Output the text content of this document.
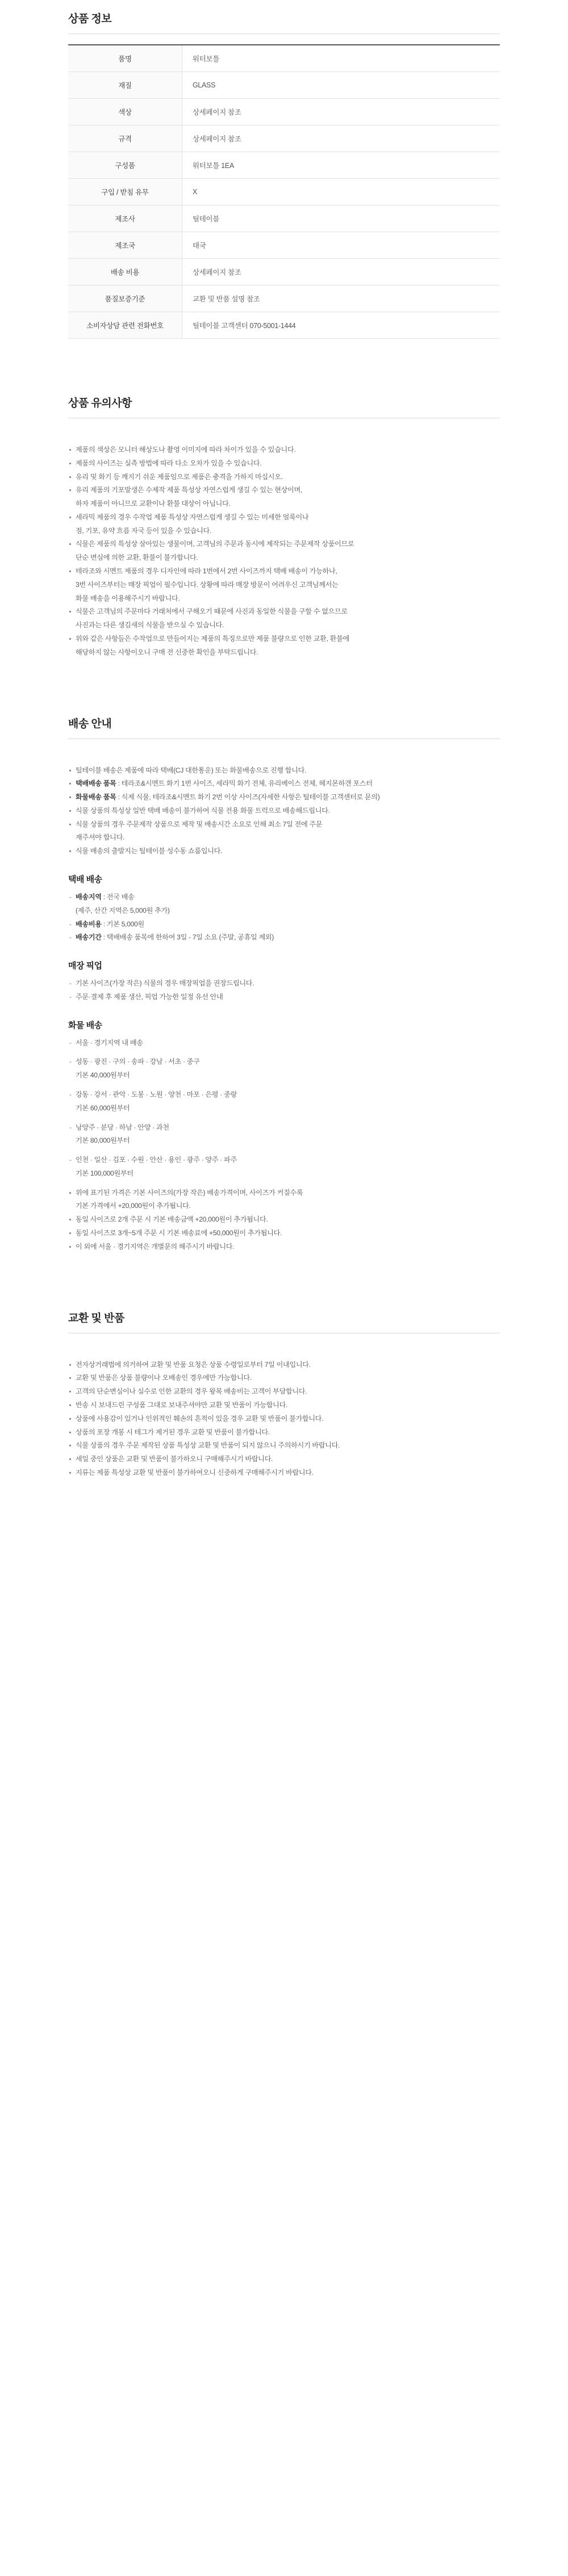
상품 정보
품명	워터보틀
재질	GLASS
색상	상세페이지 참조
규격	상세페이지 참조
구성품	워터보틀 1EA
구입 / 받침 유무	X
제조사	틸테이블
제조국	태국
배송 비용	상세페이지 참조
품질보증기준	교환 및 반품 설명 참조
소비자상담 관련 전화번호	틸테이블 고객센터 070-5001-1444
상품 유의사항
제품의 색상은 모니터 해상도나 촬영 이미지에 따라 차이가 있을 수 있습니다.
제품의 사이즈는 실측 방법에 따라 다소 오차가 있을 수 있습니다.
유리 및 화기 등 깨지기 쉬운 제품임으로 제품은 충격을 가하지 마십시오.
유리 제품의 기포발생은 수제작 제품 특성상 자연스럽게 생길 수 있는 현상이며,
하자 제품이 아니므로 교환이나 환불 대상이 아닙니다.
세라믹 제품의 경우 수작업 제품 특성상 자연스럽게 생길 수 있는 미세한 얼룩이나
점, 기포, 유약 흐름 자국 등이 있을 수 있습니다.
식물은 제품의 특성상 살아있는 생물이며, 고객님의 주문과 동시에 제작되는 주문제작 상품이므로
단순 변심에 의한 교환, 환불이 불가합니다.
테라조와 시멘트 제품의 경우 디자인에 따라 1번에서 2번 사이즈까지 택배 배송이 가능하나,
3번 사이즈부터는 매장 픽업이 필수입니다. 상황에 따라 매장 방문이 어려우신 고객님께서는
화물 배송을 이용해주시기 바랍니다.
식물은 고객님의 주문마다 거래처에서 구해오기 때문에 사진과 동일한 식물을 구할 수 없으므로
사진과는 다른 생김새의 식물을 받으실 수 있습니다.
위와 같은 사항들은 수작업으로 만들어지는 제품의 특징으로만 제품 불량으로 인한 교환, 환불에
해당하지 않는 사항이오니 구매 전 신중한 확인을 부탁드립니다.
배송 안내
틸테이블 배송은 제품에 따라 택배(CJ 대한통운) 또는 화물배송으로 진행 합니다.
택배배송 품목 : 테라조&시멘트 화기 1번 사이즈, 세라믹 화기 전체, 유리베이스 전체, 헤지몬하갠 포스터
화물배송 품목 : 식제 식물, 테라조&시멘트 화기 2번 이상 사이즈(자세한 사항은 틸테이블 고객센터로 문의)
식물 상품의 특성상 일반 택배 배송이 불가하여 식물 전용 화물 트럭으로 배송해드립니다.
식물 상품의 경우 주문제작 상품으로 제작 및 배송시간 소요로 인해 최소 7일 전에 주문
재주셔야 합니다.
식물 배송의 출발지는 틸테이블 성수동 쇼룸입니다.
택배 배송
- 배송지역 : 전국 배송
(제주, 산간 지역은 5,000원 추가)
- 배송비용 : 기본 5,000원
- 배송기간 : 택배배송 품목에 한하여 3일 - 7일 소요 (주말, 공휴일 제외)
매장 픽업
- 기본 사이즈(가장 작은) 식물의 경우 매장픽업을 권장드립니다.
- 주문·결제 후 제품 생산, 픽업 가능한 일정 유선 안내
화물 배송
- 서울 · 경기지역 내 배송

- 성동 · 광진 · 구의 · 송파 · 강남 · 서초 · 중구
기본 40,000원부터

- 강동 · 강서 · 관악 · 도봉 · 노원 · 양천 · 마포 · 은평 · 중랑
기본 60,000원부터

- 낭양주 · 분당 · 하남 · 안양 · 과천
기본 80,000원부터

- 인천 · 일산 · 김포 · 수원 · 안산 · 용인 · 광주 · 양주 · 파주
기본 100,000원부터

위에 표기된 가격은 기본 사이즈의(가장 작은) 배송가격이며, 사이즈가 커질수록
기본 가격에서 +20,000원이 추가됩니다.
동일 사이즈로 2개 주문 시 기본 배송금액 +20,000원이 추가됩니다.
동일 사이즈로 3개~5개 주문 시 기본 배송료에 +50,000원이 추가됩니다.
이 외에 서울 · 경기지역은 개별문의 해주시기 바랍니다.
교환 및 반품
전자상거래법에 의거하여 교환 및 반품 요청은 상품 수령일로부터 7일 이내입니다.
교환 및 반품은 상품 불량이나 오배송인 경우에만 가능합니다.
고객의 단순변심이나 실수로 인한 교환의 경우 왕복 배송비는 고객이 부담합니다.
반송 시 보내드린 구성품 그대로 보내주셔야만 교환 및 반품이 가능합니다.
상품에 사용감이 있거나 인위적인 훼손의 흔적이 있을 경우 교환 및 반품이 불가합니다.
상품의 포장 개봉 시 테그가 제거된 경우 교환 및 반품이 불가합니다.
식물 상품의 경우 주문 제작된 상품 특성상 교환 및 반품이 되지 않으니 주의하시기 바랍니다.
세일 중인 상품은 교환 및 반품이 불가하오니 구매해주시기 바랍니다.
지류는 제품 특성상 교환 및 반품이 불가하여오니 신중하게 구매해주시기 바랍니다.
